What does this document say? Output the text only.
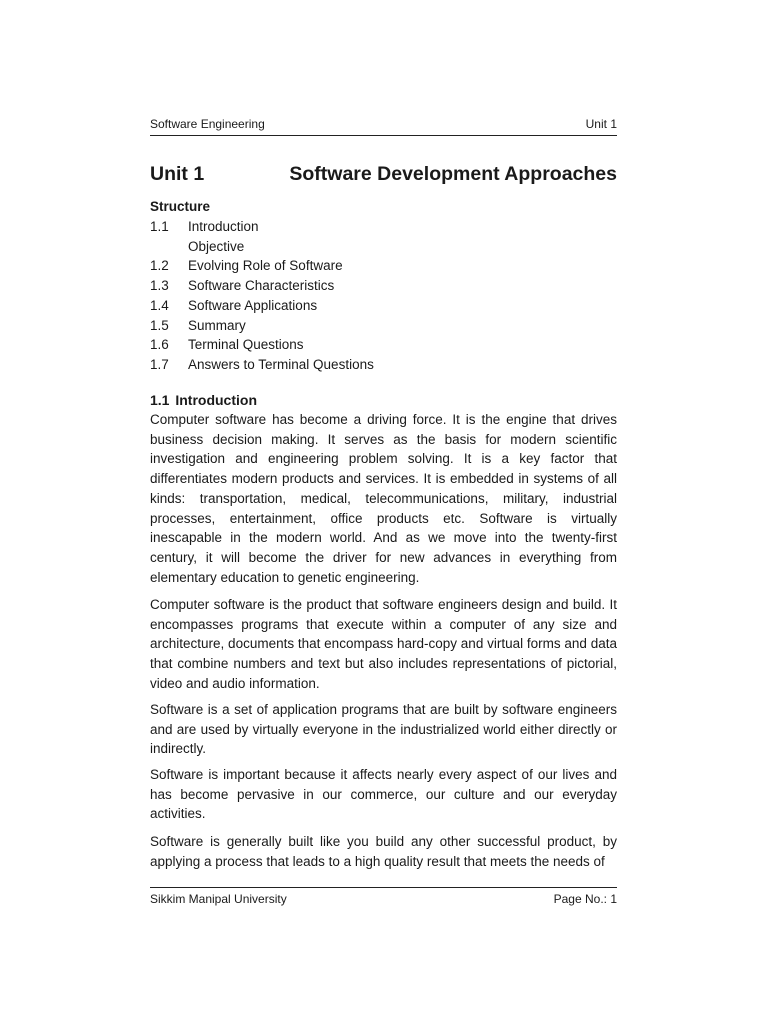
Software Engineering	Unit 1
Unit 1	Software Development Approaches
Structure
1.1	Introduction
Objective
1.2	Evolving Role of Software
1.3	Software Characteristics
1.4	Software Applications
1.5	Summary
1.6	Terminal Questions
1.7	Answers to Terminal Questions
1.1 Introduction

Computer software has become a driving force. It is the engine that drives business decision making. It serves as the basis for modern scientific investigation and engineering problem solving. It is a key factor that differentiates modern products and services. It is embedded in systems of all kinds: transportation, medical, telecommunications, military, industrial processes, entertainment, office products etc. Software is virtually inescapable in the modern world. And as we move into the twenty-first century, it will become the driver for new advances in everything from elementary education to genetic engineering.

Computer software is the product that software engineers design and build. It encompasses programs that execute within a computer of any size and architecture, documents that encompass hard-copy and virtual forms and data that combine numbers and text but also includes representations of pictorial, video and audio information.

Software is a set of application programs that are built by software engineers and are used by virtually everyone in the industrialized world either directly or indirectly.

Software is important because it affects nearly every aspect of our lives and has become pervasive in our commerce, our culture and our everyday activities.

Software is generally built like you build any other successful product, by applying a process that leads to a high quality result that meets the needs of

Sikkim Manipal University	Page No.: 1
